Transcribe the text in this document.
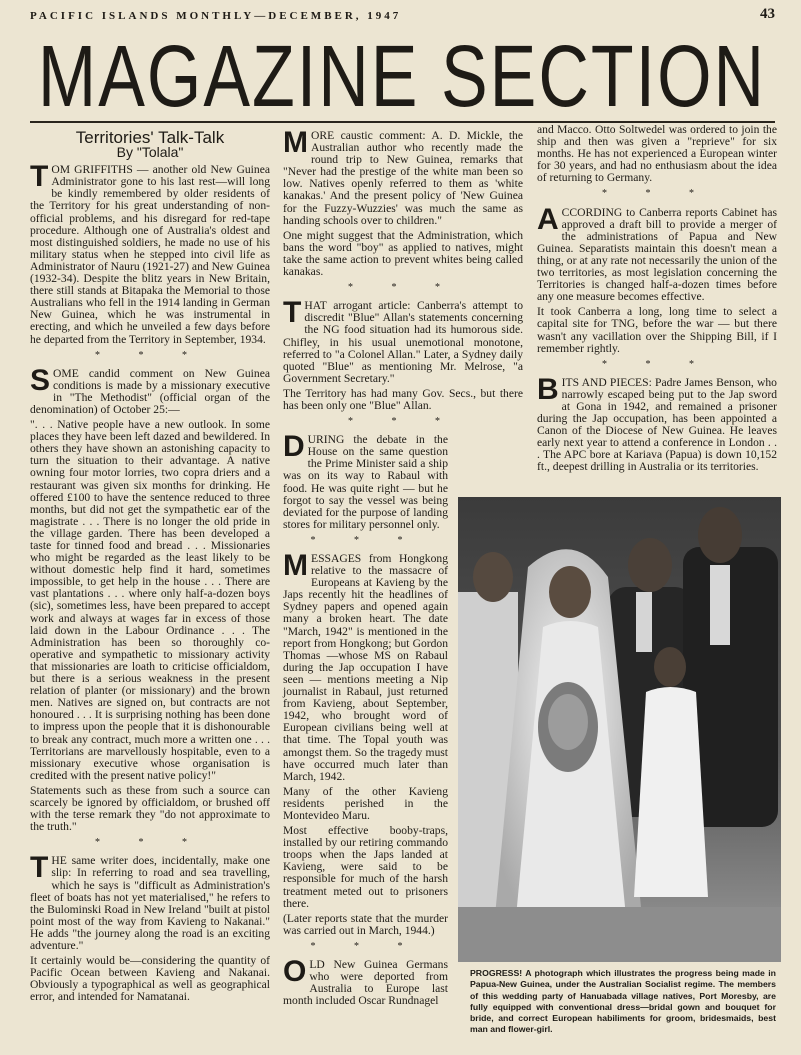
PACIFIC ISLANDS MONTHLY—DECEMBER, 1947	43
MAGAZINE SECTION
Territories' Talk-Talk
By "Tolala"

TOM GRIFFITHS — another old New Guinea Administrator gone to his last rest—will long be kindly remembered by older residents of the Territory for his great understanding of non-official problems, and his disregard for red-tape procedure. Although one of Australia's oldest and most distinguished soldiers, he made no use of his military status when he stepped into civil life as Administrator of Nauru (1921-27) and New Guinea (1932-34). Despite the blitz years in New Britain, there still stands at Bitapaka the Memorial to those Australians who fell in the 1914 landing in German New Guinea, which he was instrumental in erecting, and which he unveiled a few days before he departed from the Territory in September, 1934.

* * *

SOME candid comment on New Guinea conditions is made by a missionary executive in "The Methodist" (official organ of the denomination) of October 25:—

". . . Native people have a new outlook. In some places they have been left dazed and bewildered. In others they have shown an astonishing capacity to turn the situation to their advantage. A native owning four motor lorries, two copra driers and a restaurant was given six months for drinking. He offered £100 to have the sentence reduced to three months, but did not get the sympathetic ear of the magistrate . . . There is no longer the old pride in the village garden. There has been developed a taste for tinned food and bread . . . Missionaries who might be regarded as the least likely to be without domestic help find it hard, sometimes impossible, to get help in the house . . . There are vast plantations . . . where only half-a-dozen boys (sic), sometimes less, have been prepared to accept work and always at wages far in excess of those laid down in the Labour Ordinance . . . The Administration has been so thoroughly co-operative and sympathetic to missionary activity that missionaries are loath to criticise officialdom, but there is a serious weakness in the present relation of planter (or missionary) and the brown men. Natives are signed on, but contracts are not honoured . . . It is surprising nothing has been done to impress upon the people that it is dishonourable to break any contract, much more a written one . . . Territorians are marvellously hospitable, even to a missionary executive whose organisation is credited with the present native policy!"

Statements such as these from such a source can scarcely be ignored by officialdom, or brushed off with the terse remark they "do not approximate to the truth."

* * *

THE same writer does, incidentally, make one slip: In referring to road and sea travelling, which he says is "difficult as Administration's fleet of boats has not yet materialised," he refers to the Bulominski Road in New Ireland "built at pistol point most of the way from Kavieng to Nakanai." He adds "the journey along the road is an exciting adventure."

It certainly would be—considering the quantity of Pacific Ocean between Kavieng and Nakanai. Obviously a typographical as well as geographical error, and intended for Namatanai.

MORE caustic comment: A. D. Mickle, the Australian author who recently made the round trip to New Guinea, remarks that "Never had the prestige of the white man been so low. Natives openly referred to them as 'white kanakas.' And the present policy of 'New Guinea for the Fuzzy-Wuzzies' was much the same as handing schools over to children."

One might suggest that the Administration, which bans the word "boy" as applied to natives, might take the same action to prevent whites being called kanakas.

* * *

THAT arrogant article: Canberra's attempt to discredit "Blue" Allan's statements concerning the NG food situation had its humorous side. Chifley, in his usual unemotional monotone, referred to "a Colonel Allan." Later, a Sydney daily quoted "Blue" as mentioning Mr. Melrose, "a Government Secretary."

The Territory has had many Gov. Secs., but there has been only one "Blue" Allan.

* * *

DURING the debate in the House on the same question the Prime Minister said a ship was on its way to Rabaul with food. He was quite right — but he forgot to say the vessel was being deviated for the purpose of landing stores for military personnel only.

* * *

MESSAGES from Hongkong relative to the massacre of Europeans at Kavieng by the Japs recently hit the headlines of Sydney papers and opened again many a broken heart. The date "March, 1942" is mentioned in the report from Hongkong; but Gordon Thomas —whose MS on Rabaul during the Jap occupation I have seen — mentions meeting a Nip journalist in Rabaul, just returned from Kavieng, about September, 1942, who brought word of European civilians being well at that time. The Topal youth was amongst them. So the tragedy must have occurred much later than March, 1942.

Many of the other Kavieng residents perished in the Montevideo Maru.

Most effective booby-traps, installed by our retiring commando troops when the Japs landed at Kavieng, were said to be responsible for much of the harsh treatment meted out to prisoners there.

(Later reports state that the murder was carried out in March, 1944.)

* * *

OLD New Guinea Germans who were deported from Australia to Europe last month included Oscar Rundnagel

and Macco. Otto Soltwedel was ordered to join the ship and then was given a "reprieve" for six months. He has not experienced a European winter for 30 years, and had no enthusiasm about the idea of returning to Germany.

* * *

ACCORDING to Canberra reports Cabinet has approved a draft bill to provide a merger of the administrations of Papua and New Guinea. Separatists maintain this doesn't mean a thing, or at any rate not necessarily the union of the two territories, as most legislation concerning the Territories is changed half-a-dozen times before any one measure becomes effective.

It took Canberra a long, long time to select a capital site for TNG, before the war — but there wasn't any vacillation over the Shipping Bill, if I remember rightly.

* * *

BITS AND PIECES: Padre James Benson, who narrowly escaped being put to the Jap sword at Gona in 1942, and remained a prisoner during the Jap occupation, has been appointed a Canon of the Diocese of New Guinea. He leaves early next year to attend a conference in London . . . The APC bore at Kariava (Papua) is down 10,152 ft., deepest drilling in Australia or its territories.

PROGRESS! A photograph which illustrates the progress being made in Papua-New Guinea, under the Australian Socialist regime. The members of this wedding party of Hanuabada village natives, Port Moresby, are fully equipped with conventional dress—bridal gown and bouquet for bride, and correct European habiliments for groom, bridesmaids, best man and flower-girl.
